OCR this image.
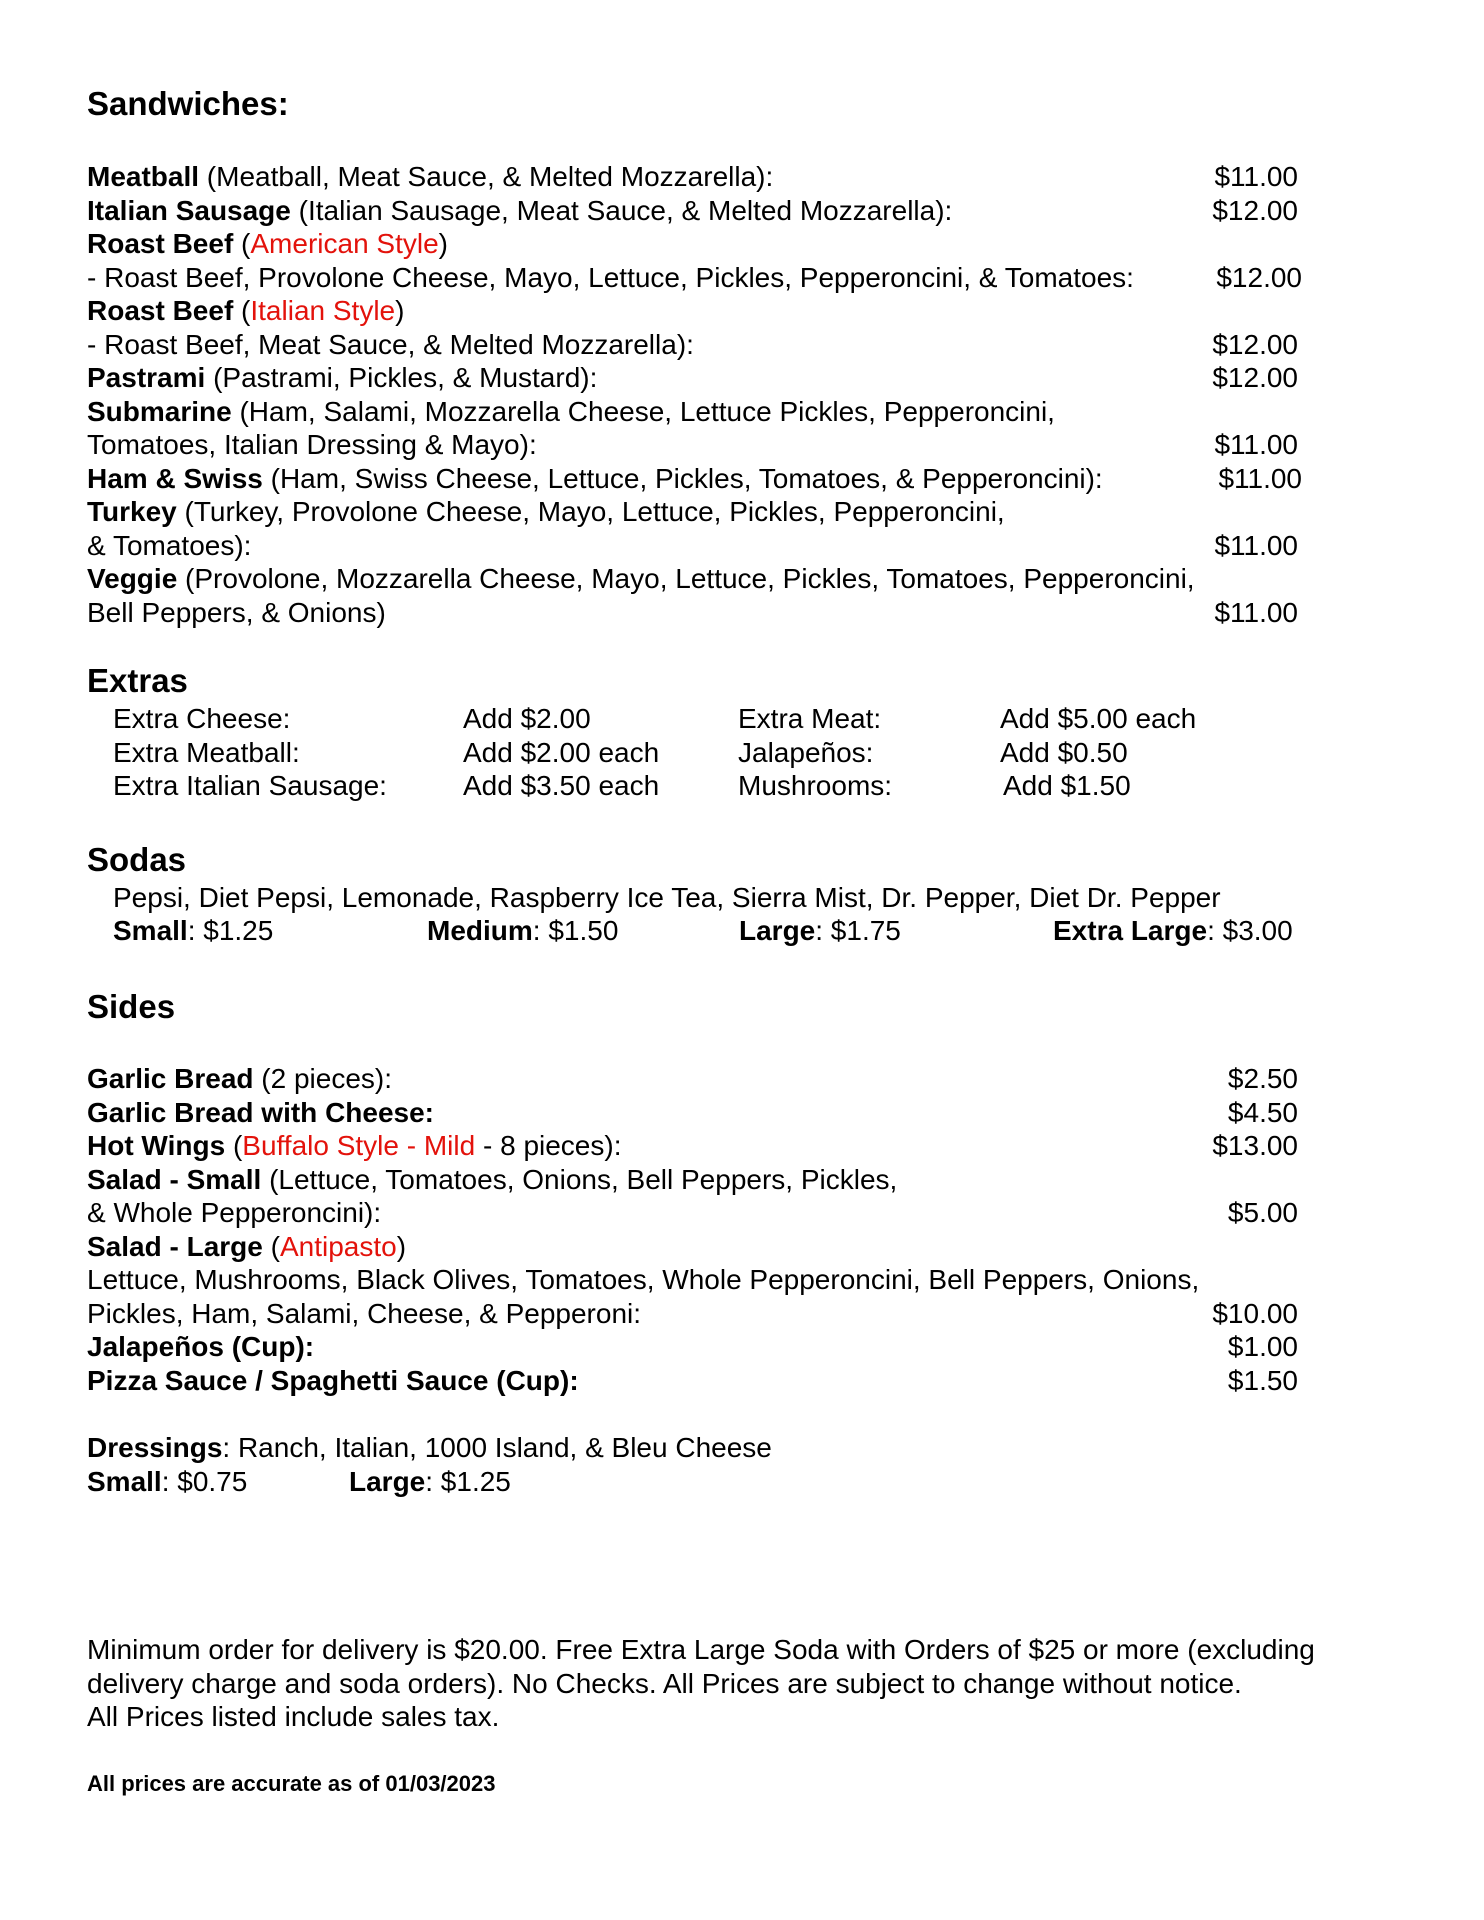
Sandwiches:
Meatball (Meatball, Meat Sauce, & Melted Mozzarella):	$11.00
Italian Sausage (Italian Sausage, Meat Sauce, & Melted Mozzarella):	$12.00
Roast Beef (American Style)
- Roast Beef, Provolone Cheese, Mayo, Lettuce, Pickles, Pepperoncini, & Tomatoes:	$12.00
Roast Beef (Italian Style)
- Roast Beef, Meat Sauce, & Melted Mozzarella):	$12.00
Pastrami (Pastrami, Pickles, & Mustard):	$12.00
Submarine (Ham, Salami, Mozzarella Cheese, Lettuce Pickles, Pepperoncini,
Tomatoes, Italian Dressing & Mayo):	$11.00
Ham & Swiss (Ham, Swiss Cheese, Lettuce, Pickles, Tomatoes, & Pepperoncini):	$11.00
Turkey (Turkey, Provolone Cheese, Mayo, Lettuce, Pickles, Pepperoncini,
& Tomatoes):	$11.00
Veggie (Provolone, Mozzarella Cheese, Mayo, Lettuce, Pickles, Tomatoes, Pepperoncini,
Bell Peppers, & Onions)	$11.00
Extras
Extra Cheese:	Add $2.00	Extra Meat:	Add $5.00 each
Extra Meatball:	Add $2.00 each	Jalapeños:	Add $0.50
Extra Italian Sausage:	Add $3.50 each	Mushrooms:	Add $1.50
Sodas
Pepsi, Diet Pepsi, Lemonade, Raspberry Ice Tea, Sierra Mist, Dr. Pepper, Diet Dr. Pepper
Small: $1.25	Medium: $1.50	Large: $1.75	Extra Large: $3.00
Sides
Garlic Bread (2 pieces):	$2.50
Garlic Bread with Cheese:	$4.50
Hot Wings (Buffalo Style - Mild - 8 pieces):	$13.00
Salad - Small (Lettuce, Tomatoes, Onions, Bell Peppers, Pickles,
& Whole Pepperoncini):	$5.00
Salad - Large (Antipasto)
Lettuce, Mushrooms, Black Olives, Tomatoes, Whole Pepperoncini, Bell Peppers, Onions,
Pickles, Ham, Salami, Cheese, & Pepperoni:	$10.00
Jalapeños (Cup):	$1.00
Pizza Sauce / Spaghetti Sauce (Cup):	$1.50
Dressings: Ranch, Italian, 1000 Island, & Bleu Cheese
Small: $0.75	Large: $1.25
Minimum order for delivery is $20.00. Free Extra Large Soda with Orders of $25 or more (excluding
delivery charge and soda orders). No Checks. All Prices are subject to change without notice.
All Prices listed include sales tax.
All prices are accurate as of 01/03/2023
